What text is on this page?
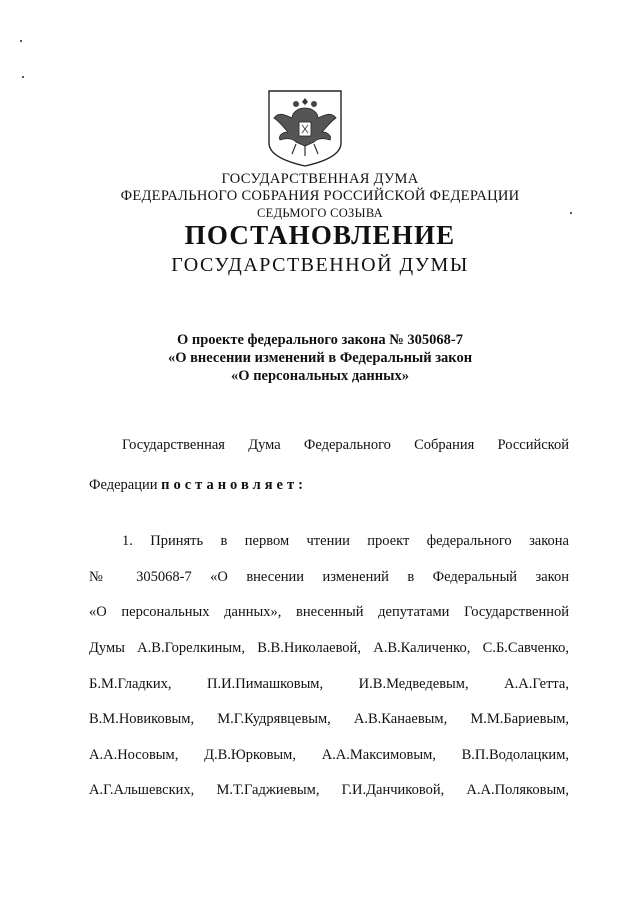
ГОСУДАРСТВЕННАЯ ДУМА
ФЕДЕРАЛЬНОГО СОБРАНИЯ РОССИЙСКОЙ ФЕДЕРАЦИИ
СЕДЬМОГО СОЗЫВА
ПОСТАНОВЛЕНИЕ
ГОСУДАРСТВЕННОЙ ДУМЫ
О проекте федерального закона № 305068-7
«О внесении изменений в Федеральный закон
«О персональных данных»
Государственная Дума Федерального Собрания Российской
Федерации постановляет:
1. Принять в первом чтении проект федерального закона
№ 305068-7 «О внесении изменений в Федеральный закон
«О персональных данных», внесенный депутатами Государственной
Думы А.В.Горелкиным, В.В.Николаевой, А.В.Каличенко, С.Б.Савченко,
Б.М.Гладких, П.И.Пимашковым, И.В.Медведевым, А.А.Гетта,
В.М.Новиковым, М.Г.Кудрявцевым, А.В.Канаевым, М.М.Бариевым,
А.А.Носовым, Д.В.Юрковым, А.А.Максимовым, В.П.Водолацким,
А.Г.Альшевских, М.Т.Гаджиевым, Г.И.Данчиковой, А.А.Поляковым,
